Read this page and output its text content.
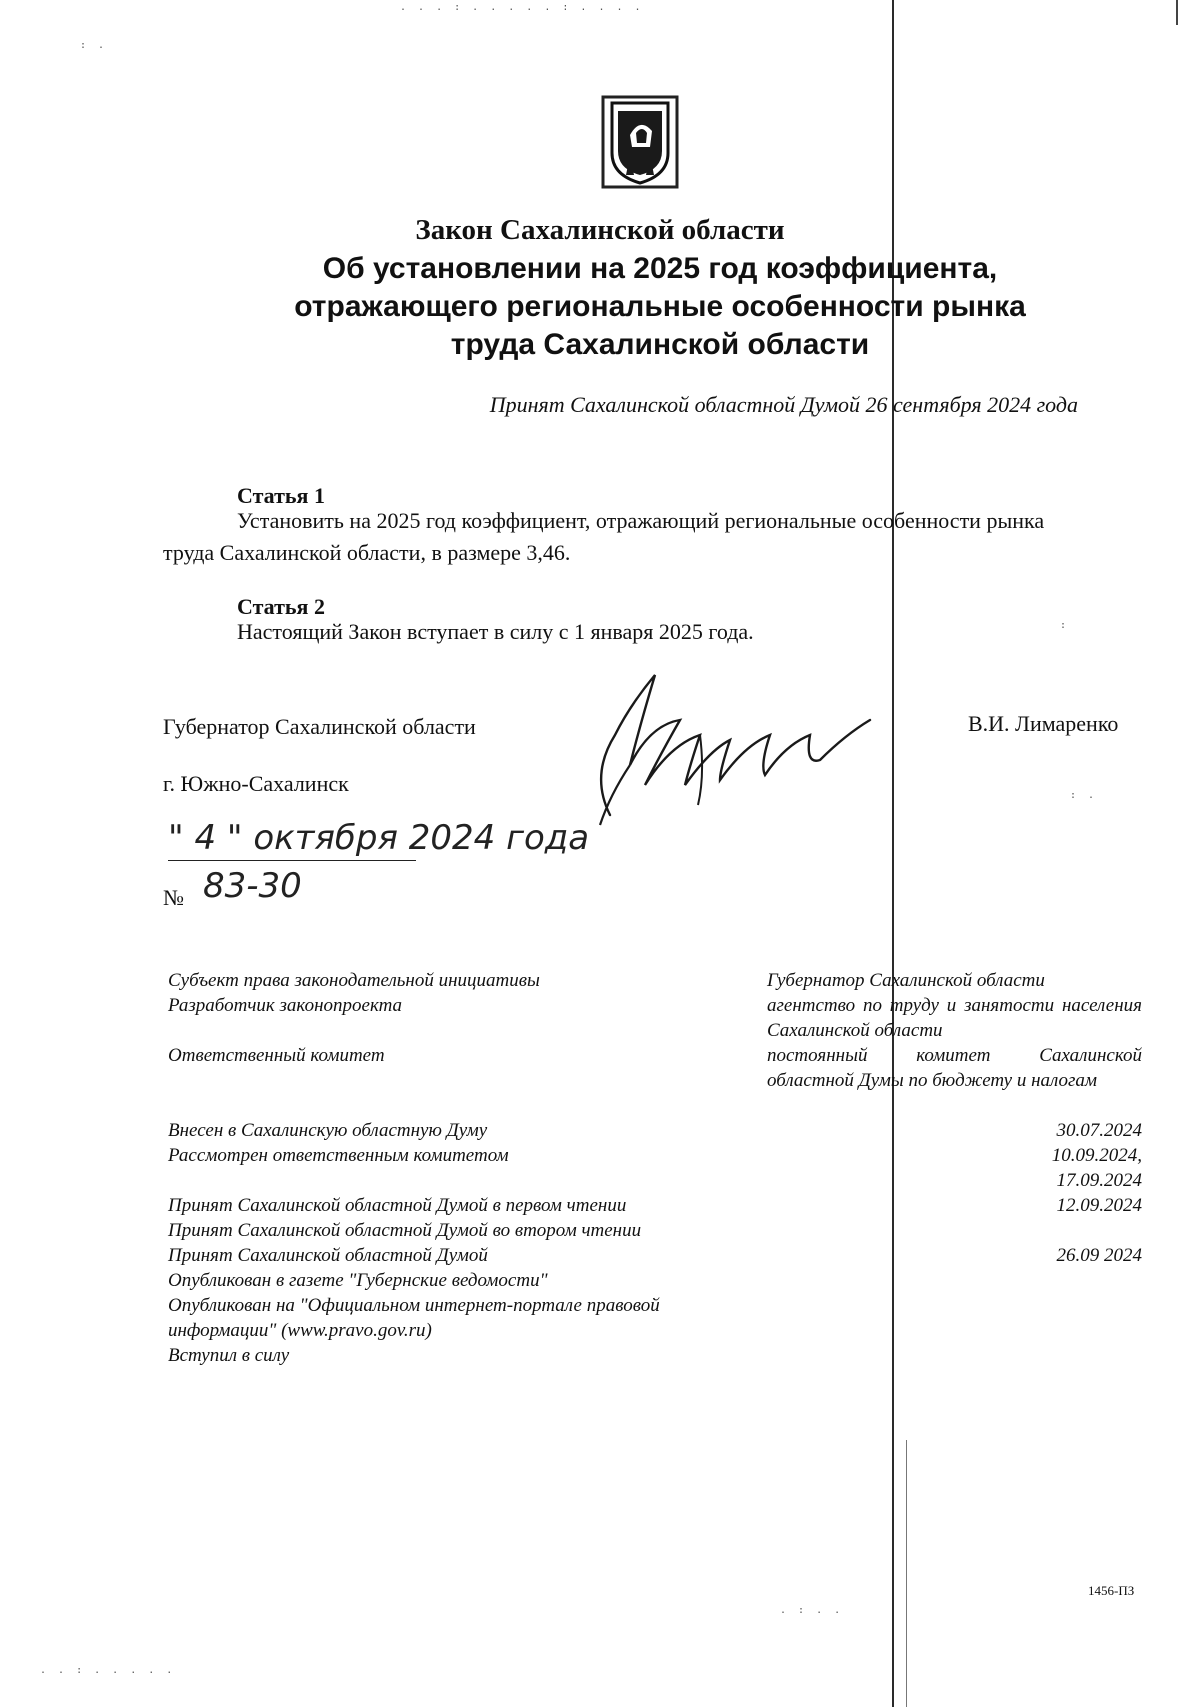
. . . : . . . . . : . . . .
: .
:
: .
. : . .
. . : . . . . .
Закон Сахалинской области
Об установлении на 2025 год коэффициента,
отражающего региональные особенности рынка
труда Сахалинской области
Принят Сахалинской областной Думой 26 сентября 2024 года
Статья 1
Установить на 2025 год коэффициент, отражающий региональные особенности рынка
труда Сахалинской области, в размере 3,46.
Статья 2
Настоящий Закон вступает в силу с 1 января 2025 года.
Губернатор Сахалинской области	В.И. Лимаренко
г. Южно-Сахалинск
" 4 " октября 2024 года
№ 83-30
Субъект права законодательной инициативы
Разработчик законопроекта
Ответственный комитет
Внесен в Сахалинскую областную Думу
Рассмотрен ответственным комитетом
Принят Сахалинской областной Думой в первом чтении
Принят Сахалинской областной Думой во втором чтении
Принят Сахалинской областной Думой
Опубликован в газете "Губернские ведомости"
Опубликован на "Официальном интернет-портале правовой
информации" (www.pravo.gov.ru)
Вступил в силу
Губернатор Сахалинской области
агентство по труду и занятости населения Сахалинской области
постоянный комитет Сахалинской областной Думы по бюджету и налогам
30.07.2024
10.09.2024,
17.09.2024
12.09.2024
26.09 2024
1456-ПЗ
